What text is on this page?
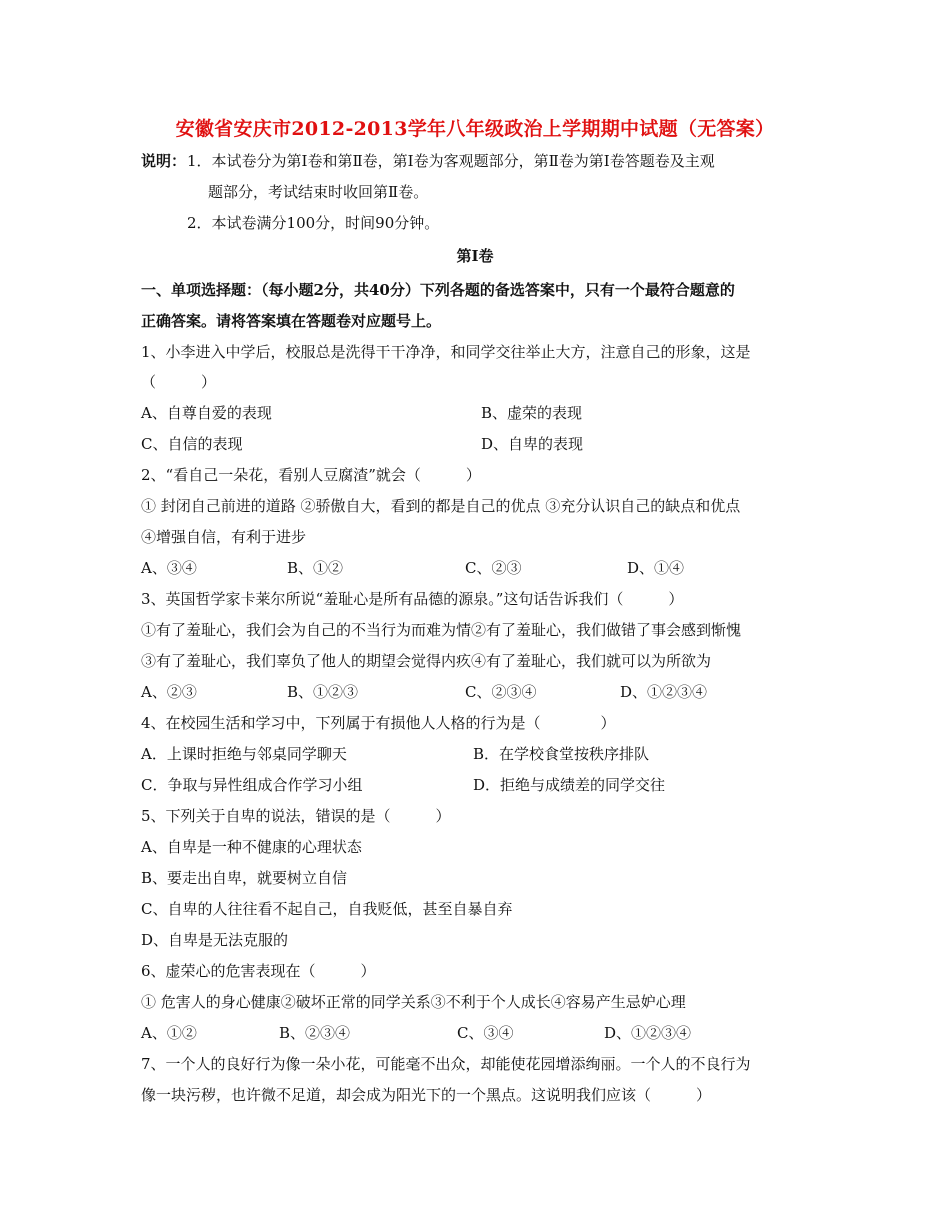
安徽省安庆市2012-2013学年八年级政治上学期期中试题（无答案）
说明： 1．本试卷分为第Ⅰ卷和第Ⅱ卷，第Ⅰ卷为客观题部分，第Ⅱ卷为第Ⅰ卷答题卷及主观
题部分，考试结束时收回第Ⅱ卷。
2．本试卷满分100分，时间90分钟。
第Ⅰ卷
一、单项选择题：（每小题2分，共40分）下列各题的备选答案中，只有一个最符合题意的
正确答案。请将答案填在答题卷对应题号上。
1、小李进入中学后，校服总是洗得干干净净，和同学交往举止大方，注意自己的形象，这是
（　　　）
A、自尊自爱的表现	B、虚荣的表现
C、自信的表现	D、自卑的表现
2、“看自己一朵花，看别人豆腐渣”就会（　　　）
① 封闭自己前进的道路 ②骄傲自大，看到的都是自己的优点 ③充分认识自己的缺点和优点
④增强自信，有利于进步
A、③④	B、①②	C、②③	D、①④
3、英国哲学家卡莱尔所说“羞耻心是所有品德的源泉。”这句话告诉我们（　　　）
①有了羞耻心，我们会为自己的不当行为而难为情②有了羞耻心，我们做错了事会感到惭愧
③有了羞耻心，我们辜负了他人的期望会觉得内疚④有了羞耻心，我们就可以为所欲为
A、②③	B、①②③	C、②③④	D、①②③④
4、在校园生活和学习中，下列属于有损他人人格的行为是（　　　　）
A．上课时拒绝与邻桌同学聊天	B．在学校食堂按秩序排队
C．争取与异性组成合作学习小组	D．拒绝与成绩差的同学交往
5、下列关于自卑的说法，错误的是（　　　）
A、自卑是一种不健康的心理状态
B、要走出自卑，就要树立自信
C、自卑的人往往看不起自己，自我贬低，甚至自暴自弃
D、自卑是无法克服的
6、虚荣心的危害表现在（　　　）
① 危害人的身心健康②破坏正常的同学关系③不利于个人成长④容易产生忌妒心理
A、①②	B、②③④	C、③④	D、①②③④
7、一个人的良好行为像一朵小花，可能毫不出众，却能使花园增添绚丽。一个人的不良行为
像一块污秽，也许微不足道，却会成为阳光下的一个黑点。这说明我们应该（　　　）
